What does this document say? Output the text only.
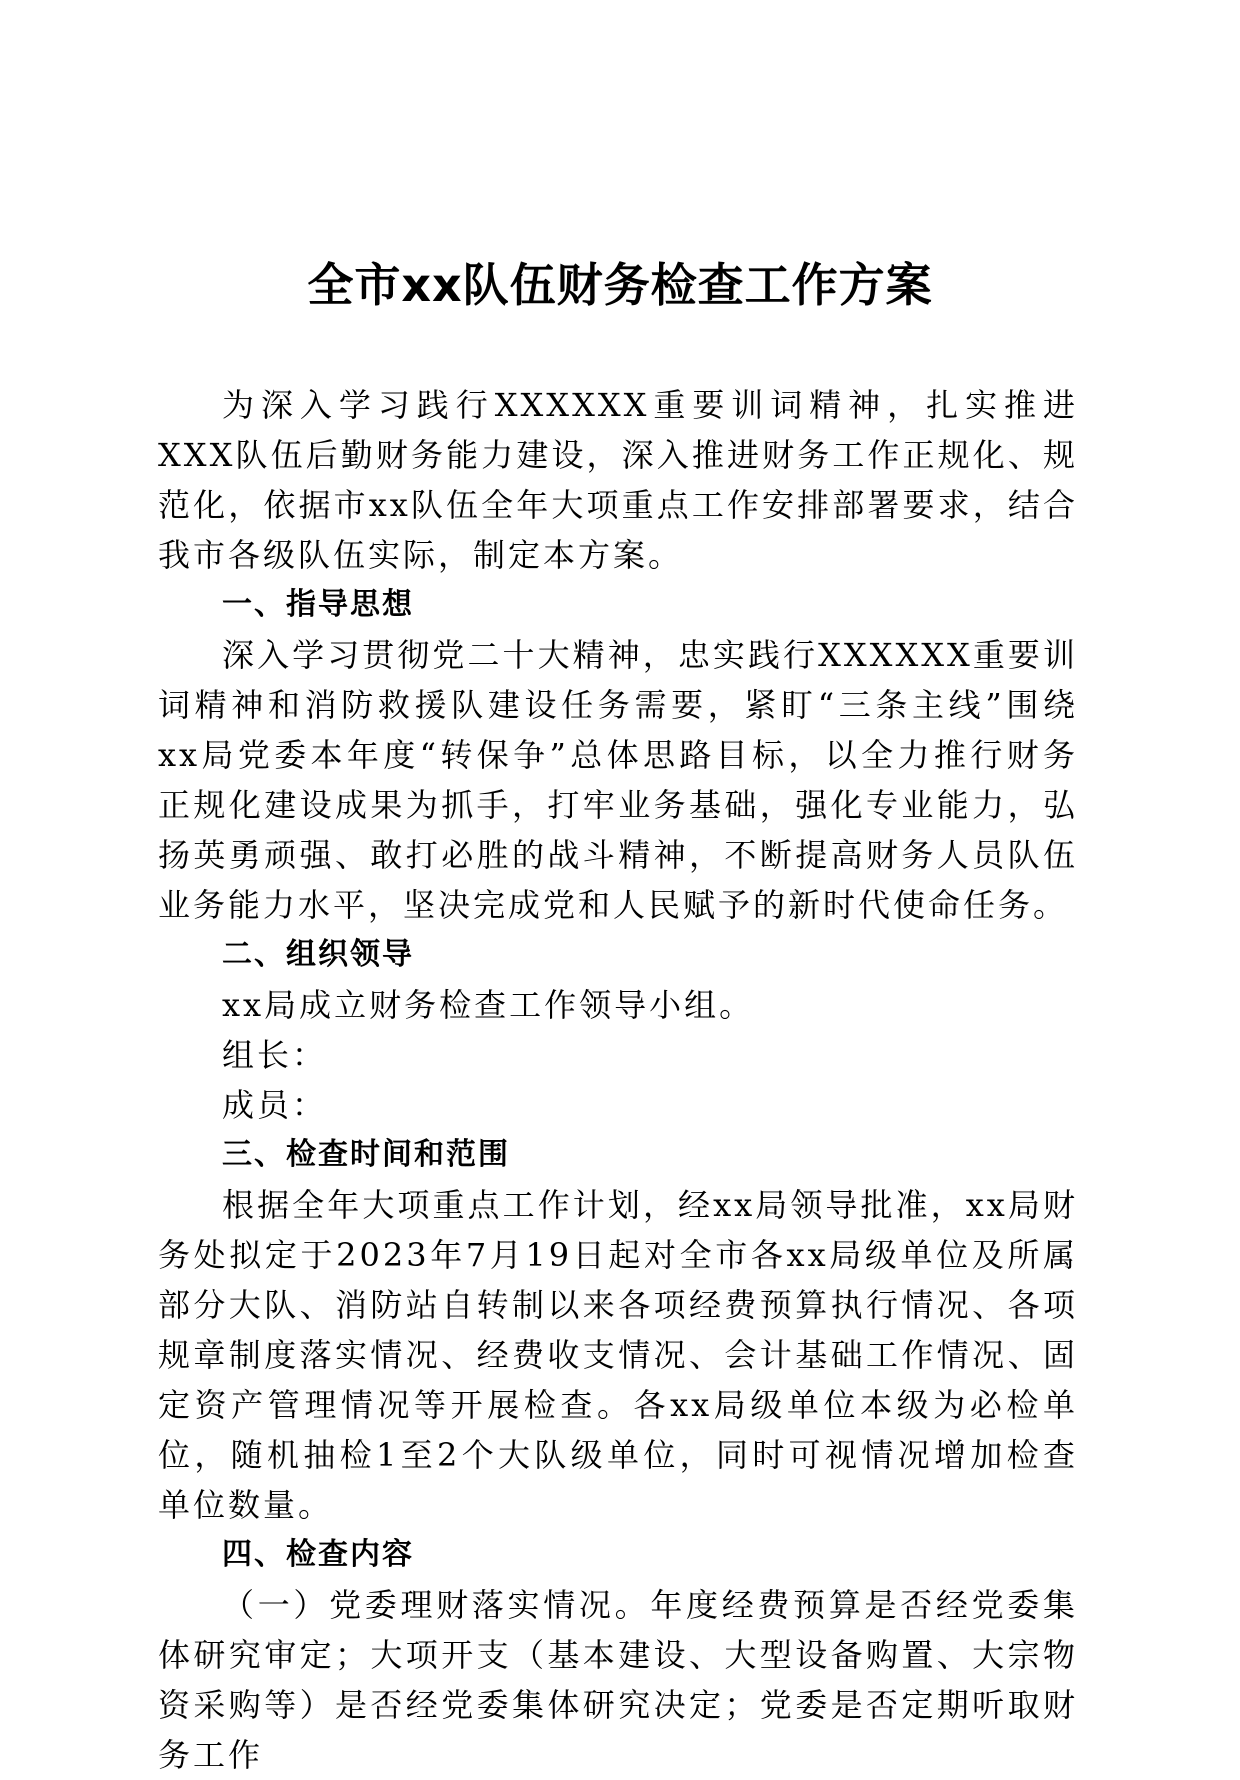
全市xx队伍财务检查工作方案

为深入学习践行XXXXXX重要训词精神，扎实推进XXX队伍后勤财务能力建设，深入推进财务工作正规化、规范化，依据市xx队伍全年大项重点工作安排部署要求，结合我市各级队伍实际，制定本方案。

一、指导思想

深入学习贯彻党二十大精神，忠实践行XXXXXX重要训词精神和消防救援队建设任务需要，紧盯“三条主线”围绕xx局党委本年度“转保争”总体思路目标，以全力推行财务正规化建设成果为抓手，打牢业务基础，强化专业能力，弘扬英勇顽强、敢打必胜的战斗精神，不断提高财务人员队伍业务能力水平，坚决完成党和人民赋予的新时代使命任务。

二、组织领导

xx局成立财务检查工作领导小组。

组长：

成员：

三、检查时间和范围

根据全年大项重点工作计划，经xx局领导批准，xx局财务处拟定于2023年7月19日起对全市各xx局级单位及所属部分大队、消防站自转制以来各项经费预算执行情况、各项规章制度落实情况、经费收支情况、会计基础工作情况、固定资产管理情况等开展检查。各xx局级单位本级为必检单位，随机抽检1至2个大队级单位，同时可视情况增加检查单位数量。

四、检查内容

（一）党委理财落实情况。年度经费预算是否经党委集体研究审定；大项开支（基本建设、大型设备购置、大宗物资采购等）是否经党委集体研究决定；党委是否定期听取财务工作
